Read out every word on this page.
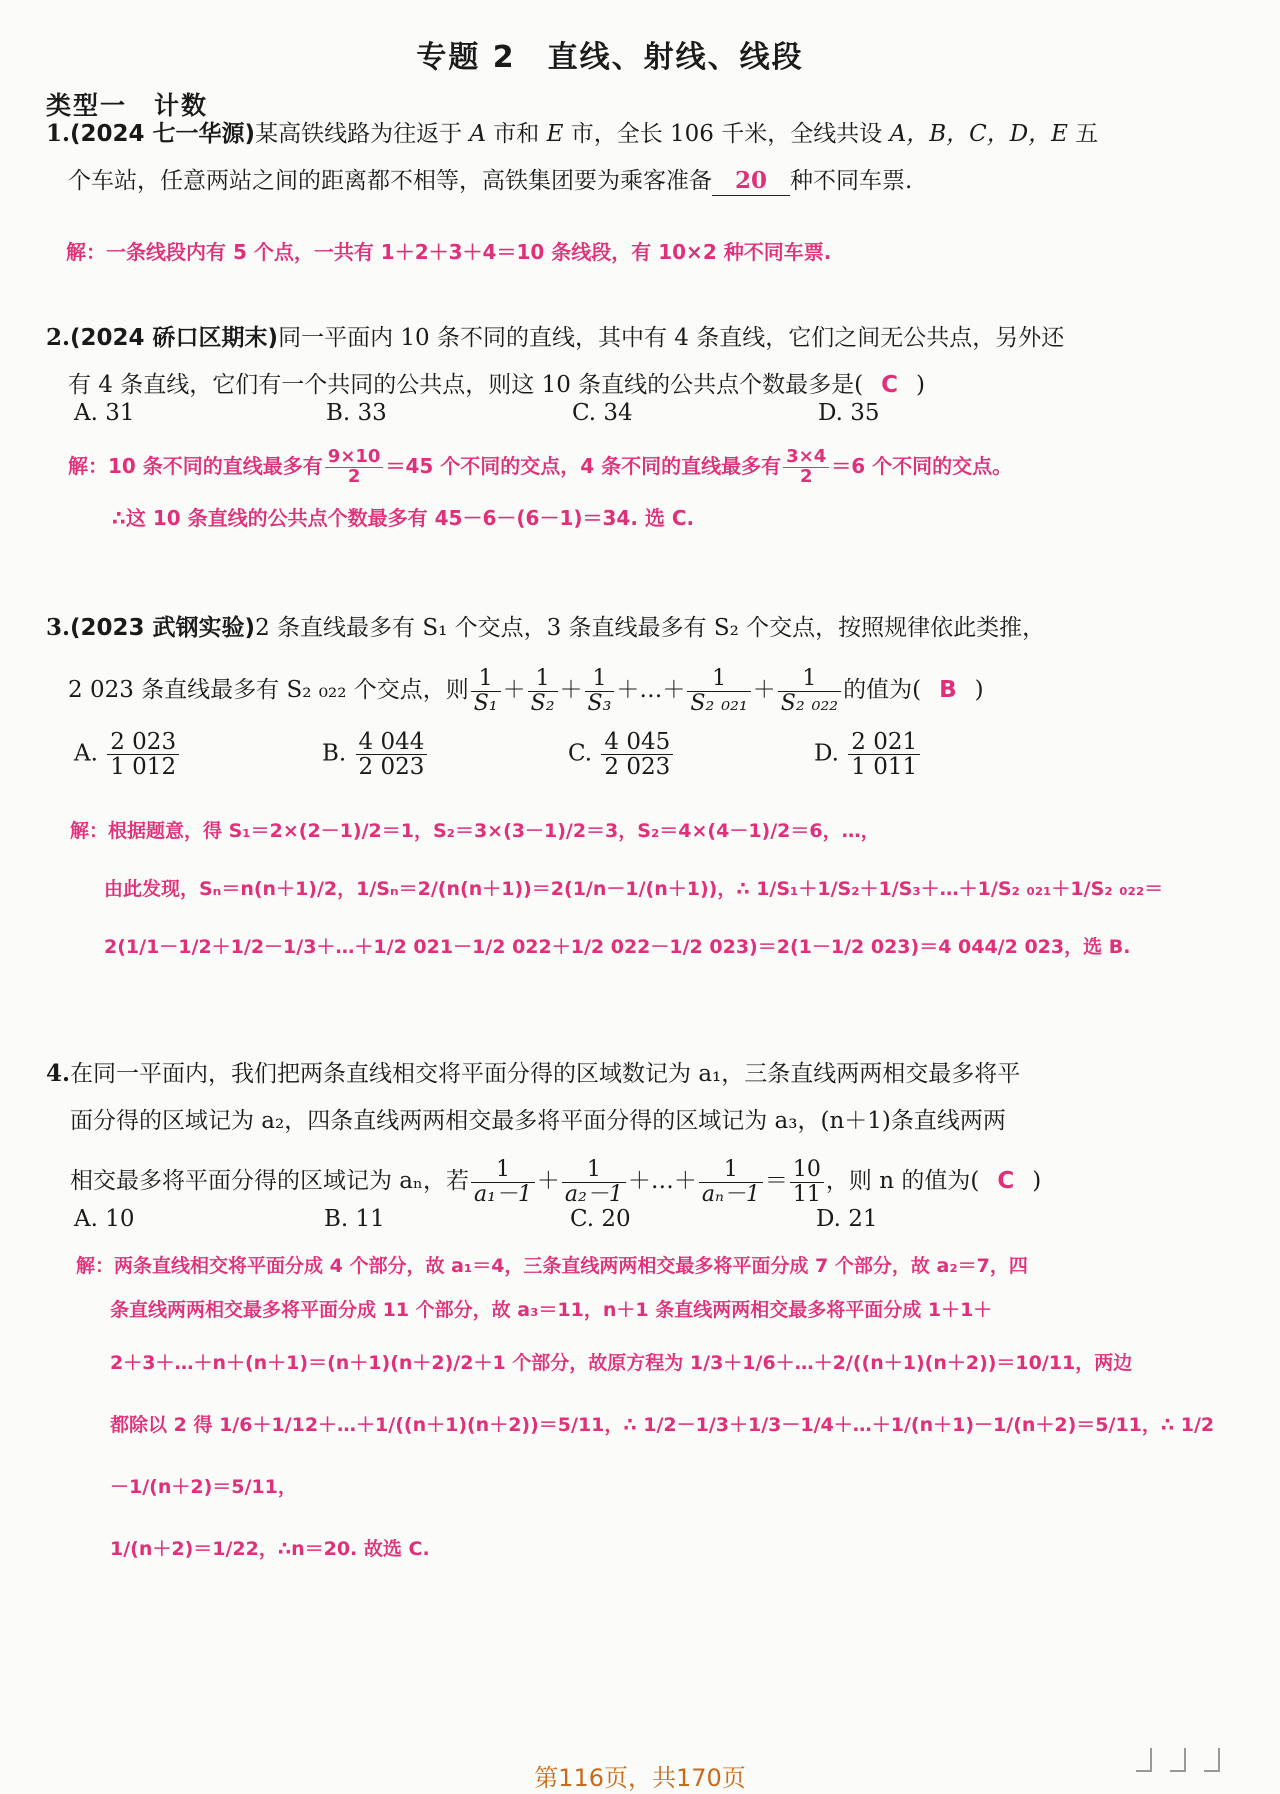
专题 2　直线、射线、线段
类型一　计数
1.(2024 七一华源)某高铁线路为往返于 A 市和 E 市，全长 106 千米，全线共设 A，B，C，D，E 五
个车站，任意两站之间的距离都不相等，高铁集团要为乘客准备 20 种不同车票.
解：一条线段内有 5 个点，一共有 1＋2＋3＋4＝10 条线段，有 10×2 种不同车票.
2.(2024 硚口区期末)同一平面内 10 条不同的直线，其中有 4 条直线，它们之间无公共点，另外还
有 4 条直线，它们有一个共同的公共点，则这 10 条直线的公共点个数最多是( C )
A. 31	B. 33	C. 34	D. 35
解：10 条不同的直线最多有 $\frac{9\times 10}{2} =45$ 个不同的交点，4 条不同的直线最多有 $\frac{3\times 4}{2} =6$ 个不同的交点。
∴这 10 条直线的公共点个数最多有 45－6－(6－1)＝34. 选 C.
3.(2023 武钢实验)2 条直线最多有 S₁ 个交点，3 条直线最多有 S₂ 个交点，按照规律依此类推，
2 023 条直线最多有 S₂ ₀₂₂ 个交点，则 $\frac{1}{\text{S₁}} + \frac{1}{\text{S₂}} + \frac{1}{\text{S₃}}$ ＋…＋ $\frac{1}{\text{S₂ ₀₂₁}} + \frac{1}{\text{S₂ ₀₂₂}}$ 的值为( B )
A. $\frac{2 023}{1 012}$	B. $\frac{4 044}{2 023}$	C. $\frac{4 045}{2 023}$	D. $\frac{2 021}{1 011}$
解：根据题意，得 S₁＝2×(2－1)/2＝1，S₂＝3×(3－1)/2＝3，S₂＝4×(4－1)/2＝6，…，
由此发现，Sₙ＝n(n＋1)/2，1/Sₙ＝2/(n(n＋1))＝2(1/n－1/(n＋1))，∴ 1/S₁＋1/S₂＋1/S₃＋…＋1/S₂ ₀₂₁＋1/S₂ ₀₂₂＝
2(1/1－1/2＋1/2－1/3＋…＋1/2 021－1/2 022＋1/2 022－1/2 023)＝2(1－1/2 023)＝4 044/2 023，选 B.
4.在同一平面内，我们把两条直线相交将平面分得的区域数记为 a₁，三条直线两两相交最多将平
面分得的区域记为 a₂，四条直线两两相交最多将平面分得的区域记为 a₃，(n＋1)条直线两两
相交最多将平面分得的区域记为 aₙ，若 $\frac{1}{\text{a₁－1}} + \frac{1}{\text{a₂－1}}$ ＋…＋ $\frac{1}{\text{aₙ－1}} = \frac{10}{11}$ ，则 n 的值为( C )
A. 10	B. 11	C. 20	D. 21
解：两条直线相交将平面分成 4 个部分，故 a₁＝4，三条直线两两相交最多将平面分成 7 个部分，故 a₂＝7，四
条直线两两相交最多将平面分成 11 个部分，故 a₃＝11，n＋1 条直线两两相交最多将平面分成 1＋1＋
2＋3＋…＋n＋(n＋1)＝(n＋1)(n＋2)/2＋1 个部分，故原方程为 1/3＋1/6＋…＋2/((n＋1)(n＋2))＝10/11，两边
都除以 2 得 1/6＋1/12＋…＋1/((n＋1)(n＋2))＝5/11，∴ 1/2－1/3＋1/3－1/4＋…＋1/(n＋1)－1/(n＋2)＝5/11，∴ 1/2－1/(n＋2)＝5/11，
1/(n＋2)＝1/22，∴n＝20. 故选 C.
第116页，共170页
